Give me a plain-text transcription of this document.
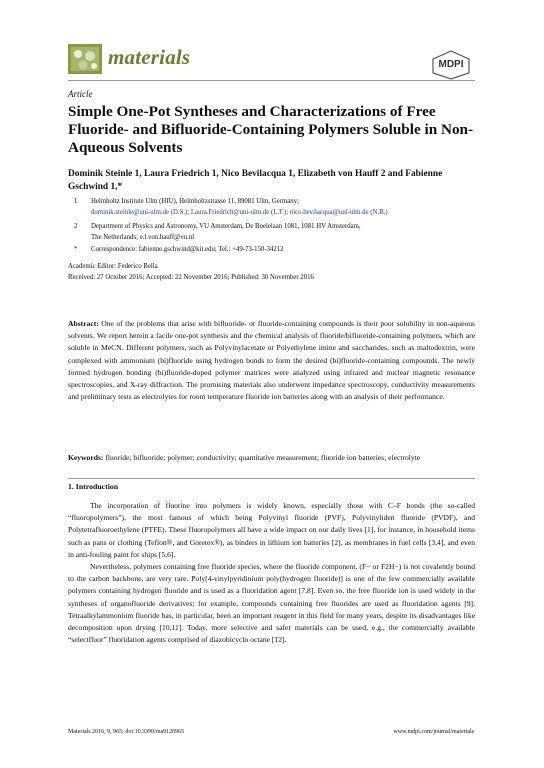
materials	MDPI
Article
Simple One-Pot Syntheses and Characterizations of Free Fluoride- and Bifluoride-Containing Polymers Soluble in Non-Aqueous Solvents
Dominik Steinle 1, Laura Friedrich 1, Nico Bevilacqua 1, Elizabeth von Hauff 2 and Fabienne Gschwind 1,*
1 Helmholtz Institute Ulm (HIU), Helmholtzstrasse 11, 89081 Ulm, Germany;
dominik.steinle@uni-ulm.de (D.S.); Laura.Friedrich@uni-ulm.de (L.F.); nico.bevilacqua@uni-ulm.de (N.B.)
2 Department of Physics and Astronomy, VU Amsterdam, De Boelelaan 1081, 1081 HV Amsterdam,
The Netherlands; e.l.von.hauff@vu.nl
* Correspondence: fabienne.gschwind@kit.edu; Tel.: +49-73-150-34212
Academic Editor: Federico Bella
Received: 27 October 2016; Accepted: 22 November 2016; Published: 30 November 2016
Abstract: One of the problems that arise with bifluoride- or fluoride-containing compounds is their poor solubility in non-aqueous solvents. We report herein a facile one-pot synthesis and the chemical analysis of fluoride/bifluoride-containing polymers, which are soluble in MeCN. Different polymers, such as Polyvinylacetate or Polyethylene imine and saccharides, such as maltodextrin, were complexed with ammonium (bi)fluoride using hydrogen bonds to form the desired (bi)fluoride-containing compounds. The newly formed hydrogen bonding (bi)fluoride-doped polymer matrices were analyzed using infrared and nuclear magnetic resonance spectroscopies, and X-ray diffraction. The promising materials also underwent impedance spectroscopy, conductivity measurements and preliminary tests as electrolytes for room temperature fluoride ion batteries along with an analysis of their performance.
Keywords: fluoride; bifluoride; polymer; conductivity; quantitative measurement; fluoride ion batteries; electrolyte
1. Introduction

The incorporation of fluorine into polymers is widely known, especially those with C–F bonds (the so-called “fluoropolymers”), the most famous of which being Polyvinyl fluoride (PVF), Polyvinyliden fluoride (PVDF), and Polytetrafluoroethylene (PTFE). These fluoropolymers all have a wide impact on our daily lives [1], for instance, in household items such as pans or clothing (Teflon®, and Goretex®), as binders in lithium ion batteries [2], as membranes in fuel cells [3,4], and even in anti-fouling paint for ships [5,6].

Nevertheless, polymers containing free fluoride species, where the fluoride component, (F− or F2H−) is not covalently bound to the carbon backbone, are very rare. Poly[4-vinylpyridinium poly(hydrogen fluoride)] is one of the few commercially available polymers containing hydrogen fluoride and is used as a fluoridation agent [7,8]. Even so, the free fluoride ion is used widely in the syntheses of organofluoride derivatives; for example, compounds containing free fluorides are used as fluoridation agents [9]. Tetraalkylammonium fluoride has, in particular, been an important reagent in this field for many years, despite its disadvantages like decomposition upon drying [10,11]. Today, more selective and safer materials can be used, e.g., the commercially available “selectfluor” fluoridation agents comprised of diazobicyclo octane [12].

Materials 2016, 9, 965; doi:10.3390/ma9120965	www.mdpi.com/journal/materials
